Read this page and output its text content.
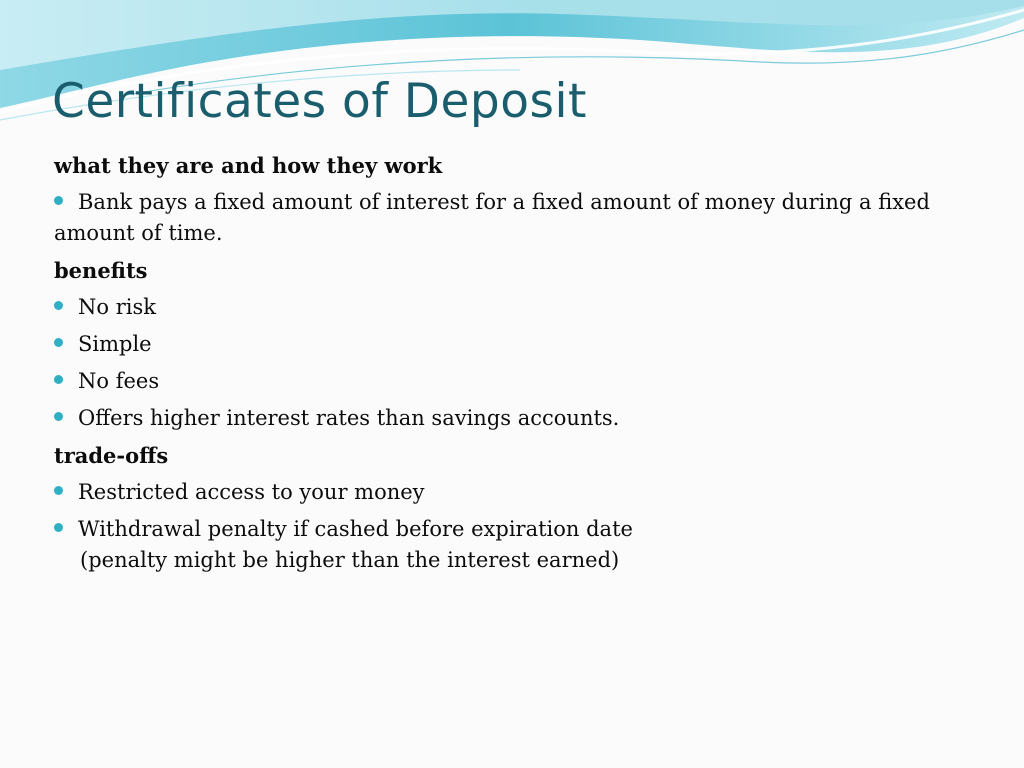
Certificates of Deposit
what they are and how they work
Bank pays a fixed amount of interest for a fixed amount of money during a fixed amount of time.
benefits
No risk
Simple
No fees
Offers higher interest rates than savings accounts.
trade-offs
Restricted access to your money
Withdrawal penalty if cashed before expiration date
(penalty might be higher than the interest earned)
